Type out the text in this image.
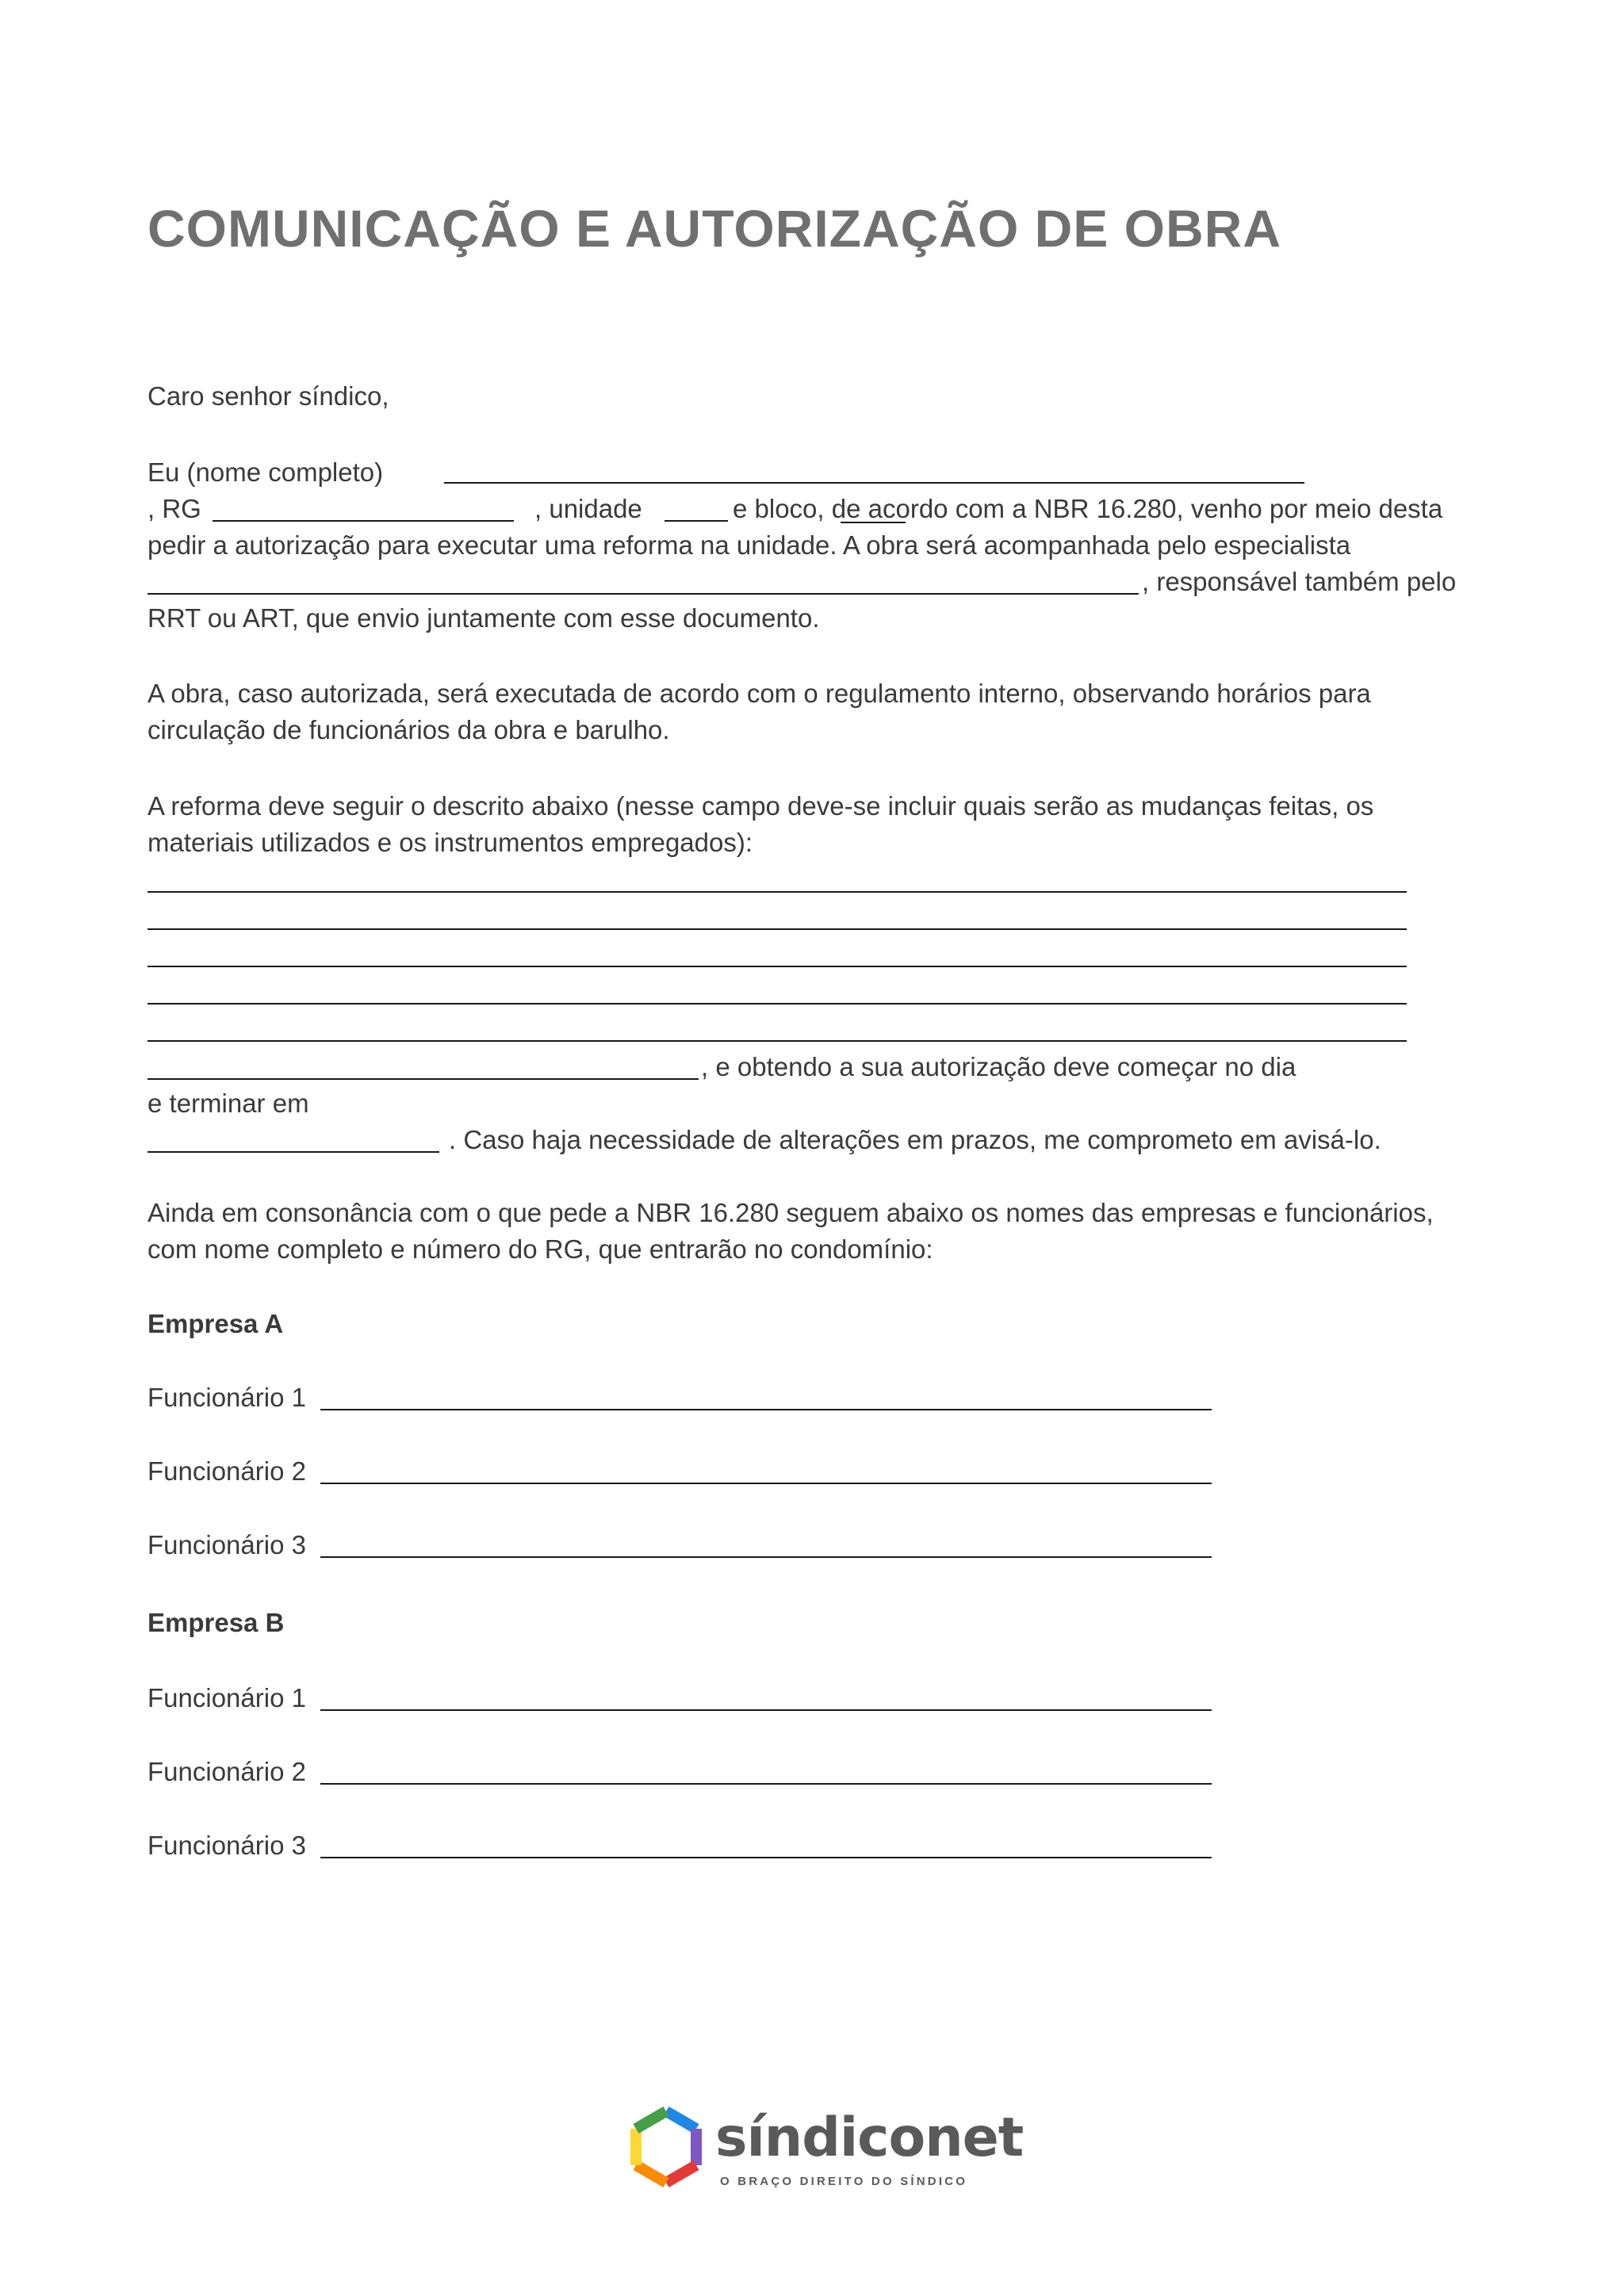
COMUNICAÇÃO E AUTORIZAÇÃO DE OBRA
Caro senhor síndico,
Eu (nome completo)
, RG	, unidade	e bloco, de acordo com a NBR 16.280, venho por meio desta
pedir a autorização para executar uma reforma na unidade. A obra será acompanhada pelo especialista
, responsável também pelo
RRT ou ART, que envio juntamente com esse documento.
A obra, caso autorizada, será executada de acordo com o regulamento interno, observando horários para
circulação de funcionários da obra e barulho.
A reforma deve seguir o descrito abaixo (nesse campo deve-se incluir quais serão as mudanças feitas, os
materiais utilizados e os instrumentos empregados):
, e obtendo a sua autorização deve começar no dia
e terminar em
. Caso haja necessidade de alterações em prazos, me comprometo em avisá-lo.
Ainda em consonância com o que pede a NBR 16.280 seguem abaixo os nomes das empresas e funcionários,
com nome completo e número do RG, que entrarão no condomínio:
Empresa A
Funcionário 1
Funcionário 2
Funcionário 3
Empresa B
Funcionário 1
Funcionário 2
Funcionário 3
síndiconet
O BRAÇO DIREITO DO SÍNDICO
